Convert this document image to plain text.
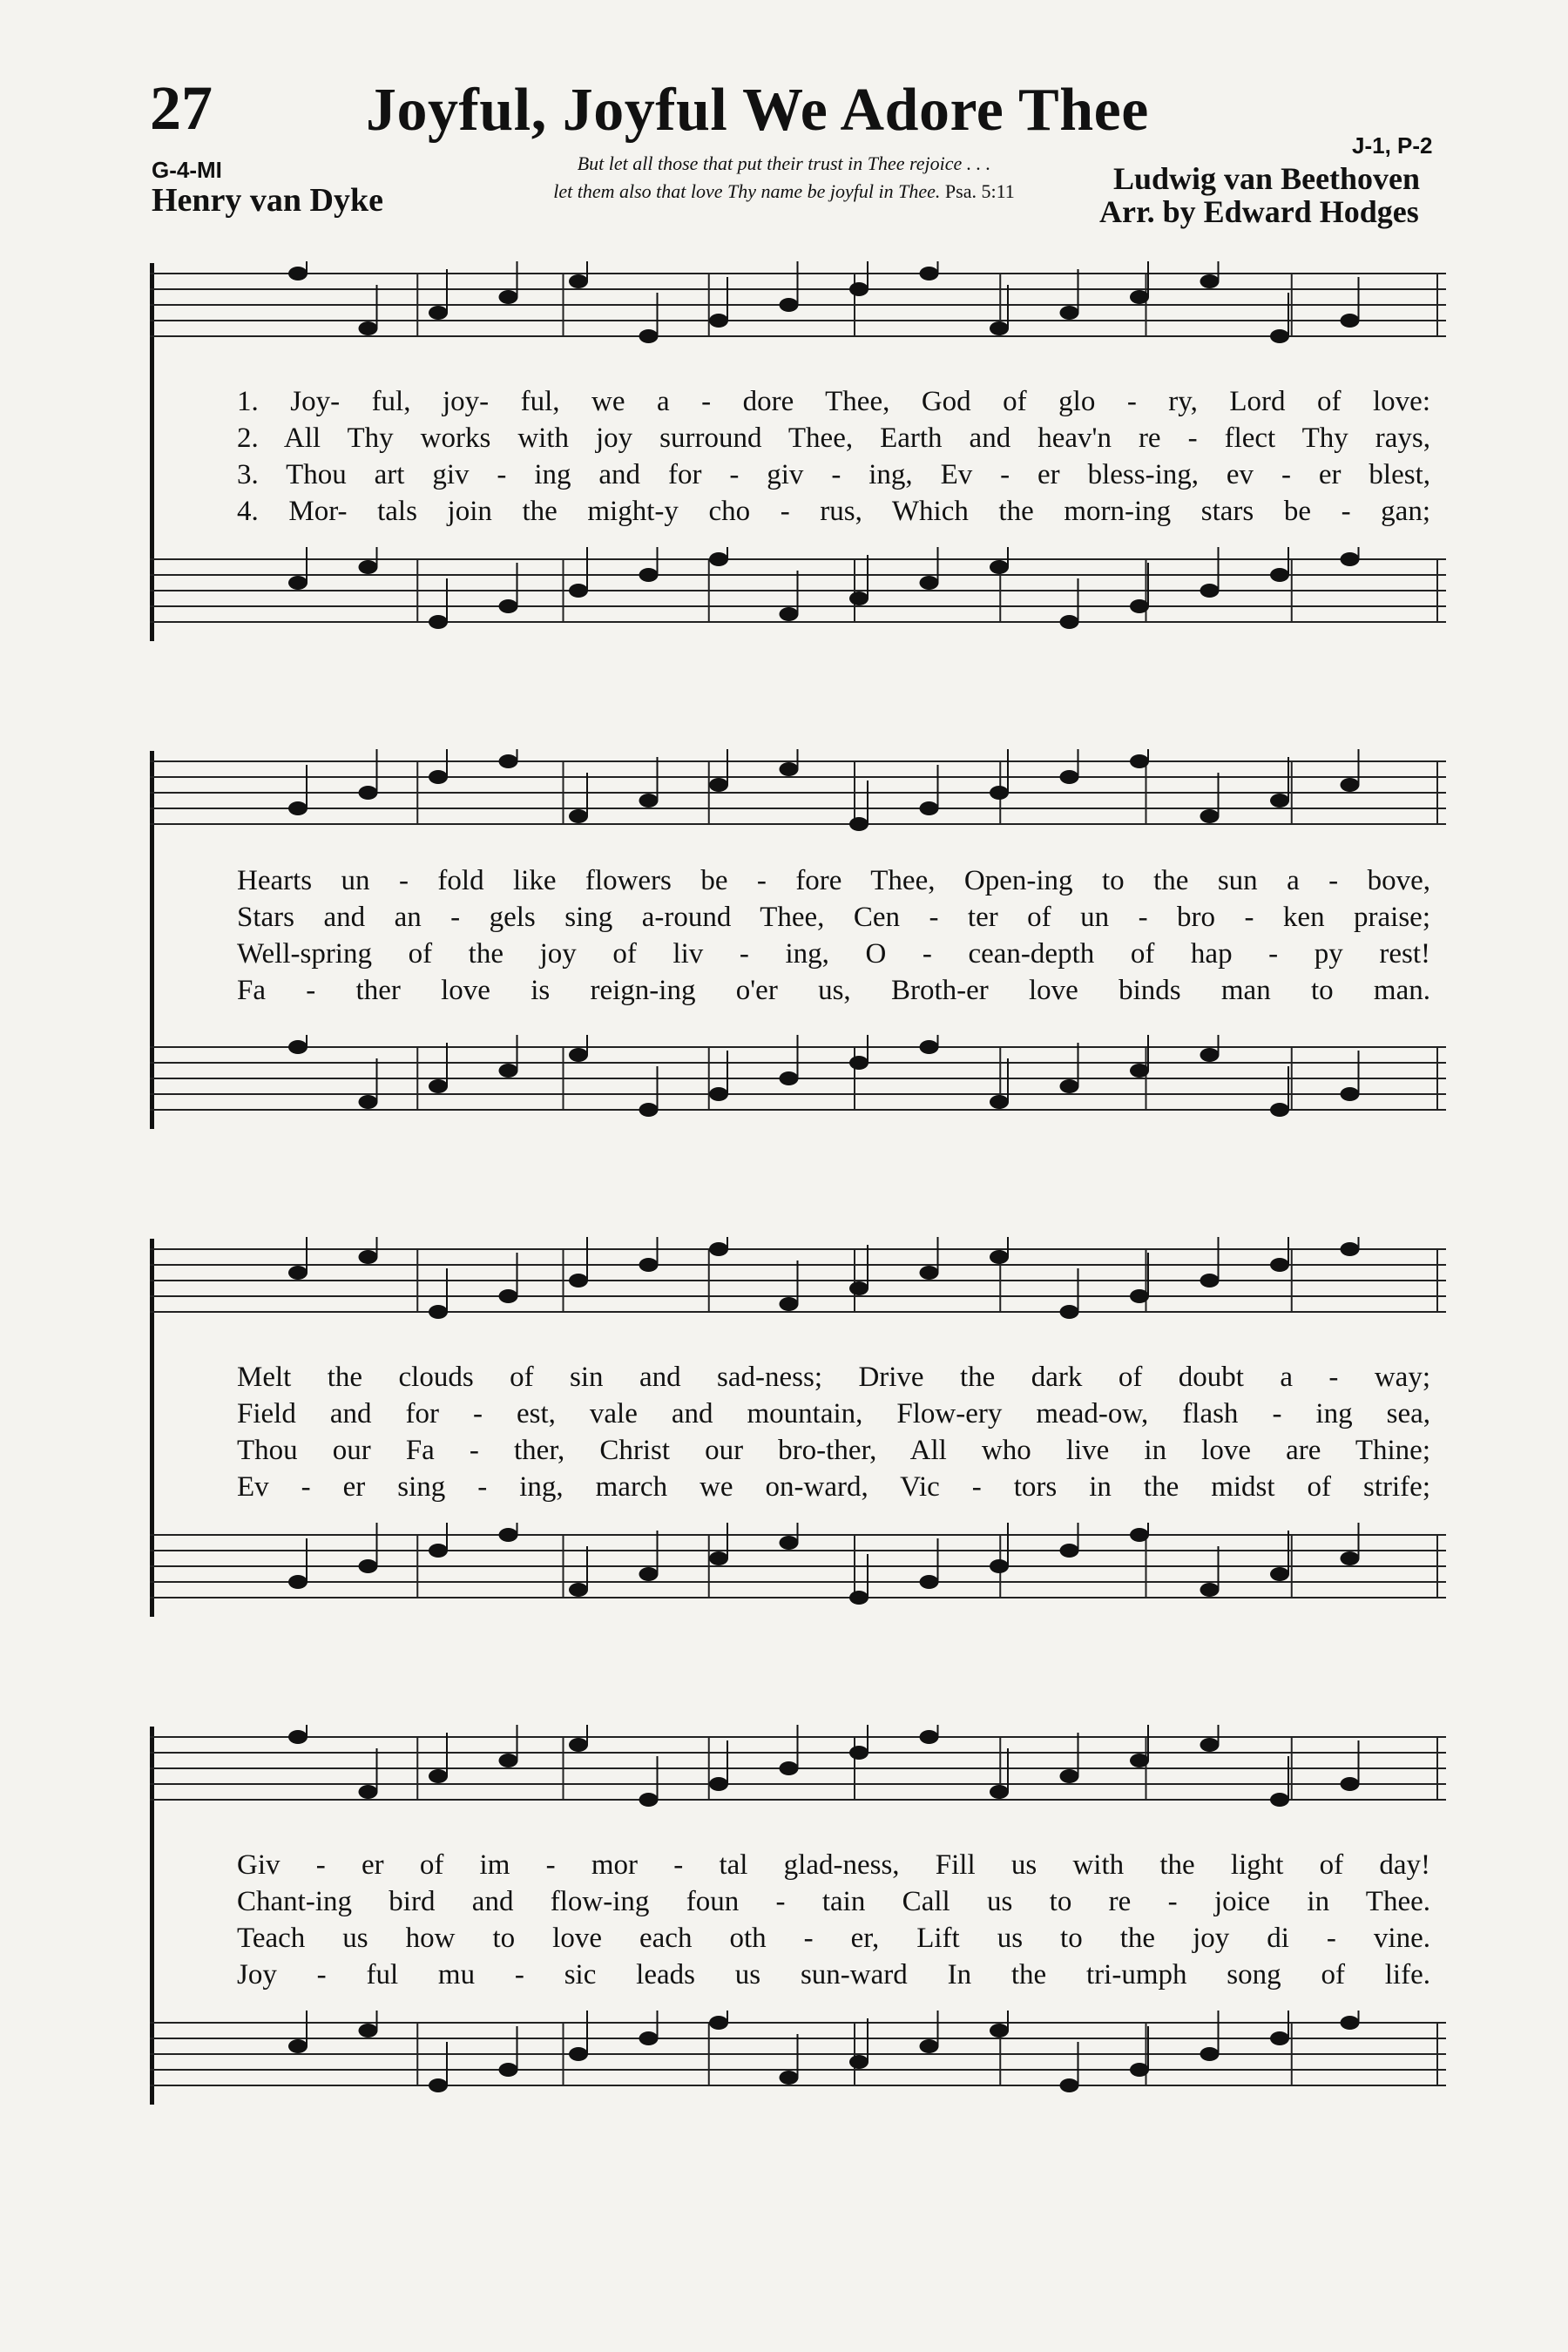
27	Joyful, Joyful We Adore Thee
G-4-MI
J-1, P-2
Henry van Dyke
Ludwig van Beethoven
Arr. by Edward Hodges
But let all those that put their trust in Thee rejoice . . .
let them also that love Thy name be joyful in Thee. Psa. 5:11
1. Joy- ful, joy- ful, we a - dore Thee, God of glo - ry, Lord of love:
2. All Thy works with joy surround Thee, Earth and heav'n re - flect Thy rays,
3. Thou art giv - ing and for - giv - ing, Ev - er bless-ing, ev - er blest,
4. Mor- tals join the might-y cho - rus, Which the morn-ing stars be - gan;
Hearts un - fold like flowers be - fore Thee, Open-ing to the sun a - bove,
Stars and an - gels sing a-round Thee, Cen - ter of un - bro - ken praise;
Well-spring of the joy of liv - ing, O - cean-depth of hap - py rest!
Fa - ther love is reign-ing o'er us, Broth-er love binds man to man.
Melt the clouds of sin and sad-ness; Drive the dark of doubt a - way;
Field and for - est, vale and mountain, Flow-ery mead-ow, flash - ing sea,
Thou our Fa - ther, Christ our bro-ther, All who live in love are Thine;
Ev - er sing - ing, march we on-ward, Vic - tors in the midst of strife;
Giv - er of im - mor - tal glad-ness, Fill us with the light of day!
Chant-ing bird and flow-ing foun - tain Call us to re - joice in Thee.
Teach us how to love each oth - er, Lift us to the joy di - vine.
Joy - ful mu - sic leads us sun-ward In the tri-umph song of life.
